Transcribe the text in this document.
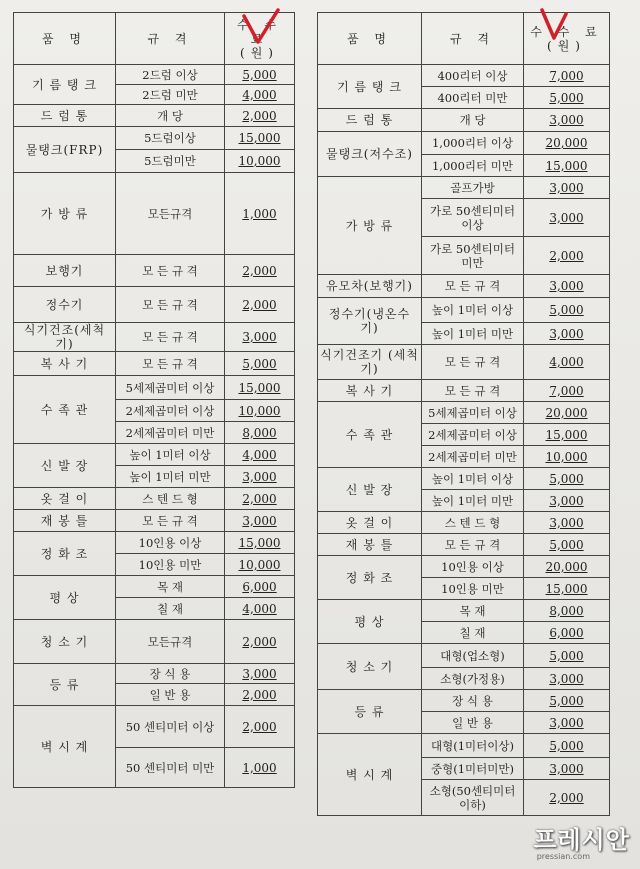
품 명	규 격	수 수 료 (원)
기 름 탱 크	2드럼 이상	5,000
	2드럼 미만	4,000
드 럼 통	개 당	2,000
물탱크(FRP)	5드럼이상	15,000
	5드럼미만	10,000
가 방 류	모든규격	1,000
보행기	모 든 규 격	2,000
정수기	모 든 규 격	2,000
식기건조(세척기)	모 든 규 격	3,000
복 사 기	모 든 규 격	5,000
수 족 관	5세제곱미터 이상	15,000
	2세제곱미터 이상	10,000
	2세제곱미터 미만	8,000
신 발 장	높이 1미터 이상	4,000
	높이 1미터 미만	3,000
옷 걸 이	스 텐 드 형	2,000
재 봉 틀	모 든 규 격	3,000
정 화 조	10인용 이상	15,000
	10인용 미만	10,000
평 상	목 재	6,000
	칠 재	4,000
청 소 기	모든규격	2,000
등 류	장 식 용	3,000
	일 반 용	2,000
벽 시 계	50 센티미터 이상	2,000
	50 센티미터 미만	1,000
품 명	규 격	수 수 료 (원)
기 름 탱 크	400리터 이상	7,000
	400리터 미만	5,000
드 럼 통	개 당	3,000
물탱크(저수조)	1,000리터 이상	20,000
	1,000리터 미만	15,000
가 방 류	골프가방	3,000
	가로 50센티미터 이상	3,000
	가로 50센티미터 미만	2,000
유모차(보행기)	모 든 규 격	3,000
정수기(냉온수기)	높이 1미터 이상	5,000
	높이 1미터 미만	3,000
식기건조기 (세척기)	모 든 규 격	4,000
복 사 기	모 든 규 격	7,000
수 족 관	5세제곱미터 이상	20,000
	2세제곱미터 이상	15,000
	2세제곱미터 미만	10,000
신 발 장	높이 1미터 이상	5,000
	높이 1미터 미만	3,000
옷 걸 이	스 텐 드 형	3,000
재 봉 틀	모 든 규 격	5,000
정 화 조	10인용 이상	20,000
	10인용 미만	15,000
평 상	목 재	8,000
	칠 재	6,000
청 소 기	대형(업소형)	5,000
	소형(가정용)	3,000
등 류	장 식 용	5,000
	일 반 용	3,000
벽 시 계	대형(1미터이상)	5,000
	중형(1미터미만)	3,000
	소형(50센티미터 이하)	2,000
프레시안
pressian.com
